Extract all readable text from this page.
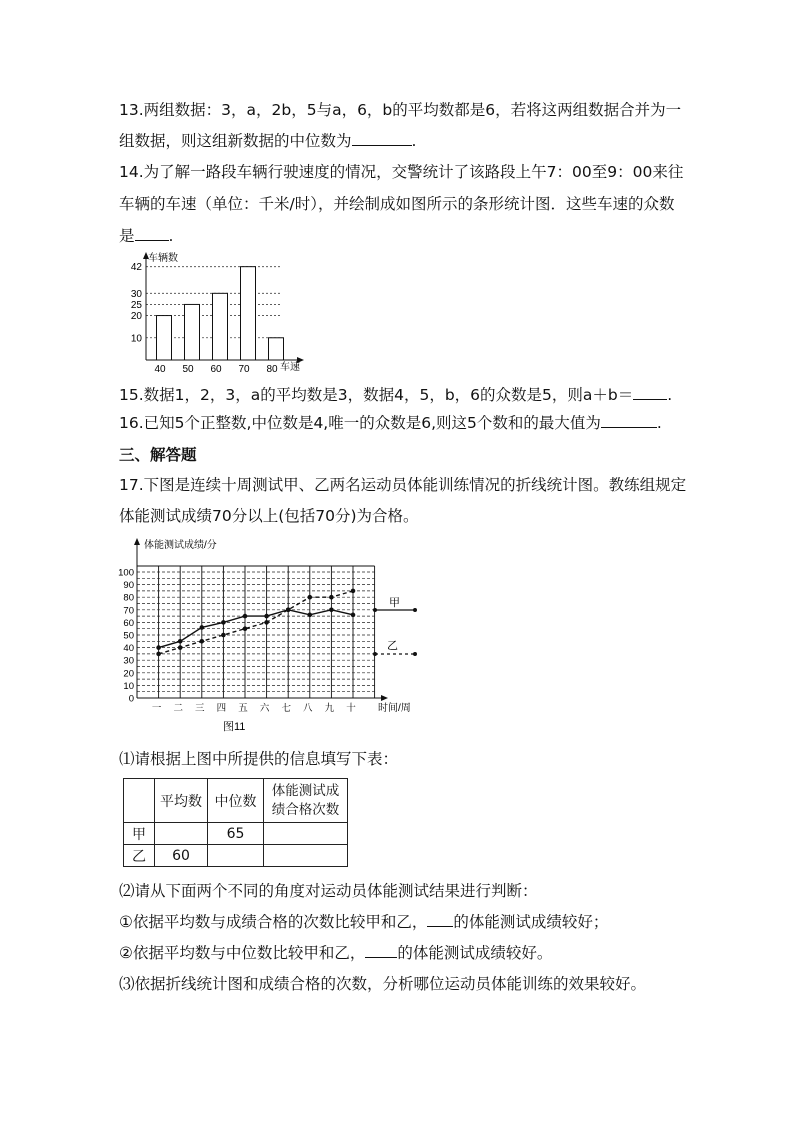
13.两组数据：3，a，2b，5与a，6，b的平均数都是6，若将这两组数据合并为一
组数据，则这组新数据的中位数为	.
14.为了解一路段车辆行驶速度的情况，交警统计了该路段上午7：00至9：00来往
车辆的车速（单位：千米/时），并绘制成如图所示的条形统计图．这些车速的众数
是 .
车辆数
车速
10
20
25
30
42
40 50 60 70 80
15.数据1，2，3，a的平均数是3，数据4，5，b，6的众数是5，则a＋b＝ .
16.已知5个正整数,中位数是4,唯一的众数是6,则这5个数和的最大值为	.
三、解答题
17.下图是连续十周测试甲、乙两名运动员体能训练情况的折线统计图。教练组规定
体能测试成绩70分以上(包括70分)为合格。
体能测试成绩/分
时间/周
图11
0
10
20
30
40
50
60
70
80
90
100
一 二 三 四 五 六 七 八 九 十
甲
乙
⑴请根据上图中所提供的信息填写下表：
	平均数	中位数	体能测试成
绩合格次数
甲		65	
乙	60		
⑵请从下面两个不同的角度对运动员体能测试结果进行判断：
①依据平均数与成绩合格的次数比较甲和乙， 的体能测试成绩较好；
②依据平均数与中位数比较甲和乙， 的体能测试成绩较好。
⑶依据折线统计图和成绩合格的次数，分析哪位运动员体能训练的效果较好。
